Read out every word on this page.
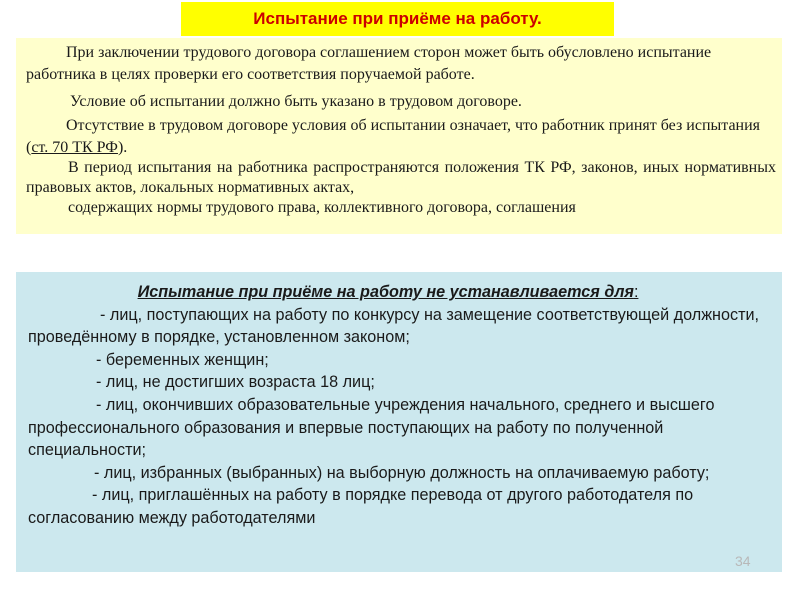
Испытание при приёме на работу.

При заключении трудового договора соглашением сторон может быть обусловлено испытание работника в целях проверки его соответствия поручаемой работе.

Условие об испытании должно быть указано в трудовом договоре.

Отсутствие в трудовом договоре условия об испытании означает, что работник принят без испытания (ст. 70 ТК РФ).

В период испытания на работника распространяются положения ТК РФ, законов, иных нормативных правовых актов, локальных нормативных актах,
содержащих нормы трудового права, коллективного договора, соглашения

Испытание при приёме на работу не устанавливается для:

- лиц, поступающих на работу по конкурсу на замещение соответствующей должности, проведённому в порядке, установленном законом;

- беременных женщин;

- лиц, не достигших возраста 18 лиц;

- лиц, окончивших образовательные учреждения начального, среднего и высшего профессионального образования и впервые поступающих на работу по полученной специальности;

- лиц, избранных (выбранных) на выборную должность на оплачиваемую работу;

- лиц, приглашённых на работу в порядке перевода от другого работодателя по согласованию между работодателями

34
